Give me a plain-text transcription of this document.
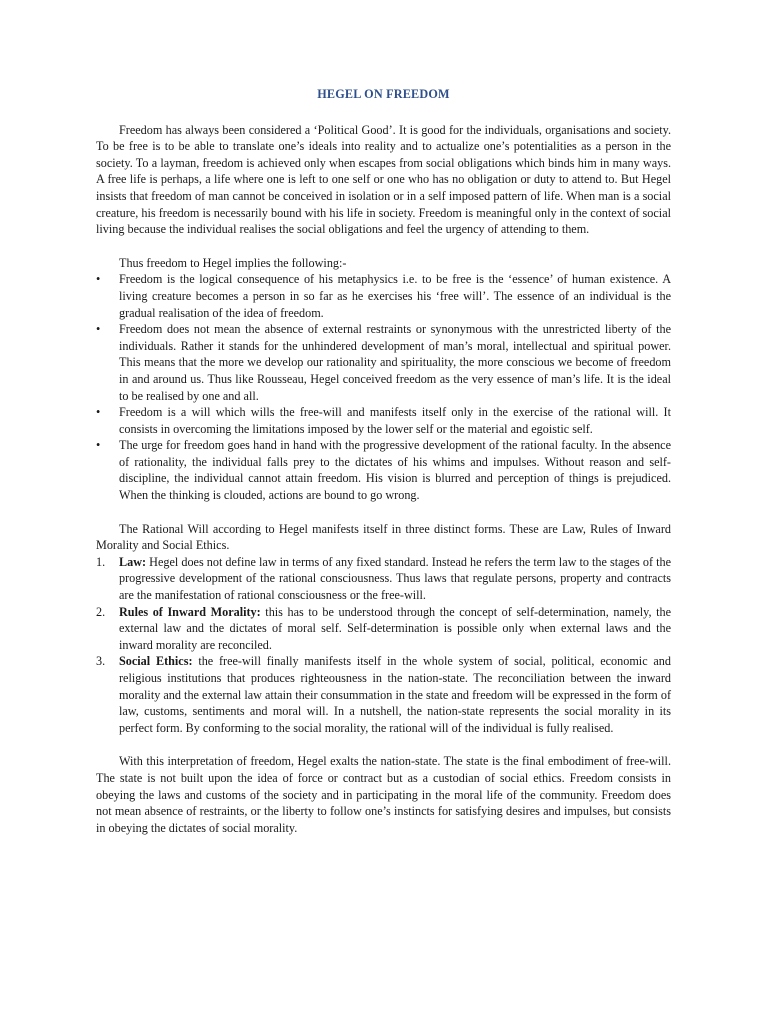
HEGEL ON FREEDOM

Freedom has always been considered a ‘Political Good’. It is good for the individuals, organisations and society. To be free is to be able to translate one’s ideals into reality and to actualize one’s potentialities as a person in the society. To a layman, freedom is achieved only when escapes from social obligations which binds him in many ways. A free life is perhaps, a life where one is left to one self or one who has no obligation or duty to attend to. But Hegel insists that freedom of man cannot be conceived in isolation or in a self imposed pattern of life. When man is a social creature, his freedom is necessarily bound with his life in society. Freedom is meaningful only in the context of social living because the individual realises the social obligations and feel the urgency of attending to them.

Thus freedom to Hegel implies the following:-

•	Freedom is the logical consequence of his metaphysics i.e. to be free is the ‘essence’ of human existence. A living creature becomes a person in so far as he exercises his ‘free will’. The essence of an individual is the gradual realisation of the idea of freedom.
•	Freedom does not mean the absence of external restraints or synonymous with the unrestricted liberty of the individuals. Rather it stands for the unhindered development of man’s moral, intellectual and spiritual power. This means that the more we develop our rationality and spirituality, the more conscious we become of freedom in and around us. Thus like Rousseau, Hegel conceived freedom as the very essence of man’s life. It is the ideal to be realised by one and all.
•	Freedom is a will which wills the free-will and manifests itself only in the exercise of the rational will. It consists in overcoming the limitations imposed by the lower self or the material and egoistic self.
•	The urge for freedom goes hand in hand with the progressive development of the rational faculty. In the absence of rationality, the individual falls prey to the dictates of his whims and impulses. Without reason and self-discipline, the individual cannot attain freedom. His vision is blurred and perception of things is prejudiced. When the thinking is clouded, actions are bound to go wrong.

The Rational Will according to Hegel manifests itself in three distinct forms. These are Law, Rules of Inward Morality and Social Ethics.

1.	Law: Hegel does not define law in terms of any fixed standard. Instead he refers the term law to the stages of the progressive development of the rational consciousness. Thus laws that regulate persons, property and contracts are the manifestation of rational consciousness or the free-will.
2.	Rules of Inward Morality: this has to be understood through the concept of self-determination, namely, the external law and the dictates of moral self. Self-determination is possible only when external laws and the inward morality are reconciled.
3.	Social Ethics: the free-will finally manifests itself in the whole system of social, political, economic and religious institutions that produces righteousness in the nation-state. The reconciliation between the inward morality and the external law attain their consummation in the state and freedom will be expressed in the form of law, customs, sentiments and moral will. In a nutshell, the nation-state represents the social morality in its perfect form. By conforming to the social morality, the rational will of the individual is fully realised.

With this interpretation of freedom, Hegel exalts the nation-state. The state is the final embodiment of free-will. The state is not built upon the idea of force or contract but as a custodian of social ethics. Freedom consists in obeying the laws and customs of the society and in participating in the moral life of the community. Freedom does not mean absence of restraints, or the liberty to follow one’s instincts for satisfying desires and impulses, but consists in obeying the dictates of social morality.
